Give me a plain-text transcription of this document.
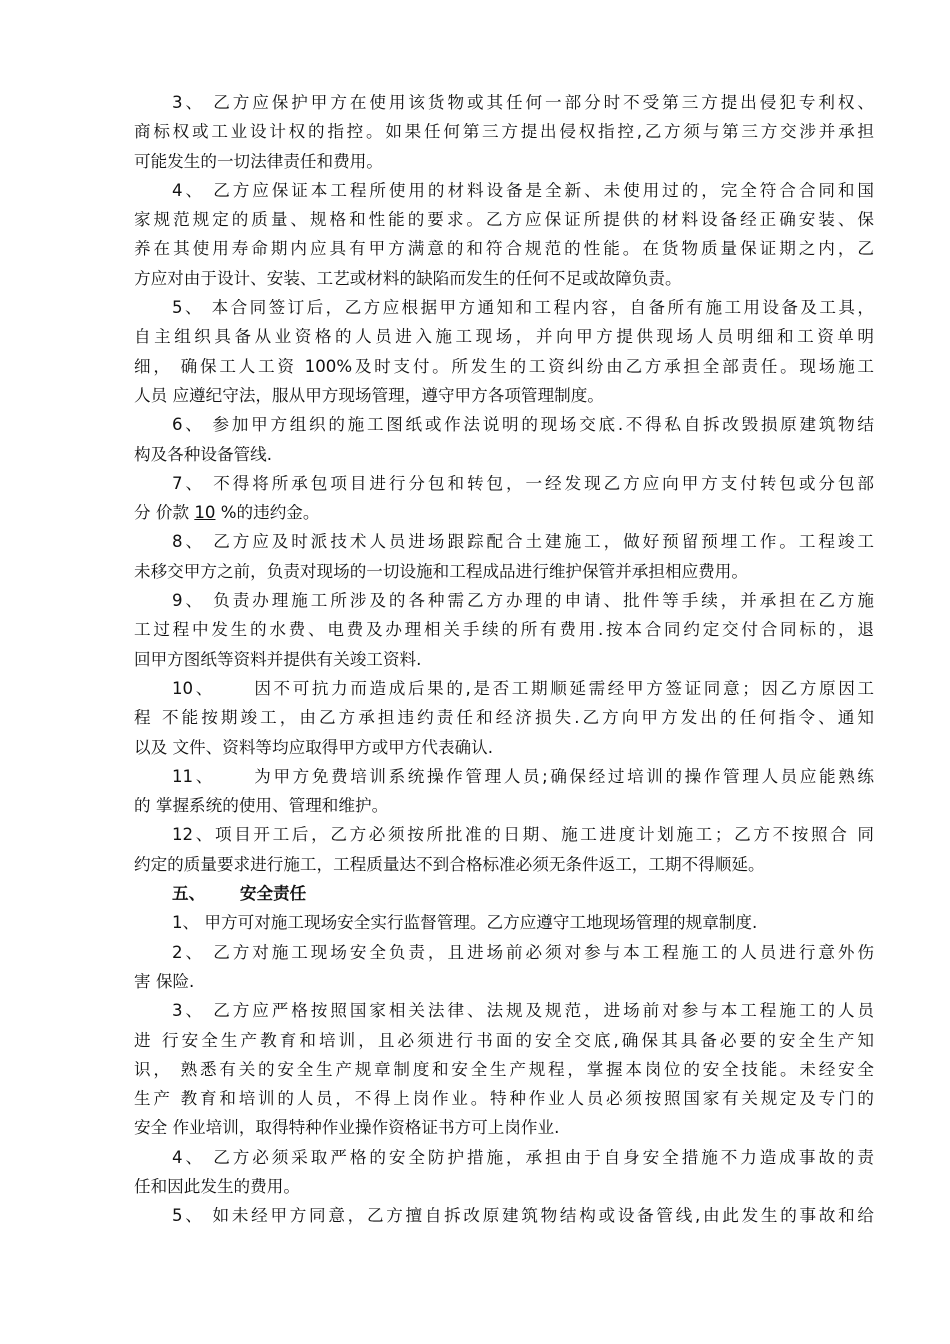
3、 乙方应保护甲方在使用该货物或其任何一部分时不受第三方提出侵犯专利权、
商标权或工业设计权的指控。如果任何第三方提出侵权指控,乙方须与第三方交涉并承担
可能发生的一切法律责任和费用。
4、 乙方应保证本工程所使用的材料设备是全新、未使用过的，完全符合合同和国
家规范规定的质量、规格和性能的要求。乙方应保证所提供的材料设备经正确安装、保
养在其使用寿命期内应具有甲方满意的和符合规范的性能。在货物质量保证期之内，乙
方应对由于设计、安装、工艺或材料的缺陷而发生的任何不足或故障负责。
5、 本合同签订后，乙方应根据甲方通知和工程内容，自备所有施工用设备及工具，
自主组织具备从业资格的人员进入施工现场，并向甲方提供现场人员明细和工资单明
细， 确保工人工资 100%及时支付。所发生的工资纠纷由乙方承担全部责任。现场施工
人员 应遵纪守法，服从甲方现场管理，遵守甲方各项管理制度。
6、 参加甲方组织的施工图纸或作法说明的现场交底.不得私自拆改毁损原建筑物结
构及各种设备管线.
7、 不得将所承包项目进行分包和转包，一经发现乙方应向甲方支付转包或分包部
分 价款 10 %的违约金。
8、 乙方应及时派技术人员进场跟踪配合土建施工，做好预留预埋工作。工程竣工
未移交甲方之前，负责对现场的一切设施和工程成品进行维护保管并承担相应费用。
9、 负责办理施工所涉及的各种需乙方办理的申请、批件等手续，并承担在乙方施
工过程中发生的水费、电费及办理相关手续的所有费用.按本合同约定交付合同标的，退
回甲方图纸等资料并提供有关竣工资料.
10、     因不可抗力而造成后果的,是否工期顺延需经甲方签证同意；因乙方原因工
程 不能按期竣工，由乙方承担违约责任和经济损失.乙方向甲方发出的任何指令、通知
以及 文件、资料等均应取得甲方或甲方代表确认.
11、     为甲方免费培训系统操作管理人员;确保经过培训的操作管理人员应能熟练
的 掌握系统的使用、管理和维护。
12、项目开工后，乙方必须按所批准的日期、施工进度计划施工；乙方不按照合 同
约定的质量要求进行施工，工程质量达不到合格标准必须无条件返工，工期不得顺延。
五、      安全责任
1、 甲方可对施工现场安全实行监督管理。乙方应遵守工地现场管理的规章制度.
2、 乙方对施工现场安全负责，且进场前必须对参与本工程施工的人员进行意外伤
害 保险.
3、 乙方应严格按照国家相关法律、法规及规范，进场前对参与本工程施工的人员
进 行安全生产教育和培训，且必须进行书面的安全交底,确保其具备必要的安全生产知
识， 熟悉有关的安全生产规章制度和安全生产规程，掌握本岗位的安全技能。未经安全
生产 教育和培训的人员，不得上岗作业。特种作业人员必须按照国家有关规定及专门的
安全 作业培训，取得特种作业操作资格证书方可上岗作业.
4、 乙方必须采取严格的安全防护措施，承担由于自身安全措施不力造成事故的责
任和因此发生的费用。
5、 如未经甲方同意，乙方擅自拆改原建筑物结构或设备管线,由此发生的事故和给
